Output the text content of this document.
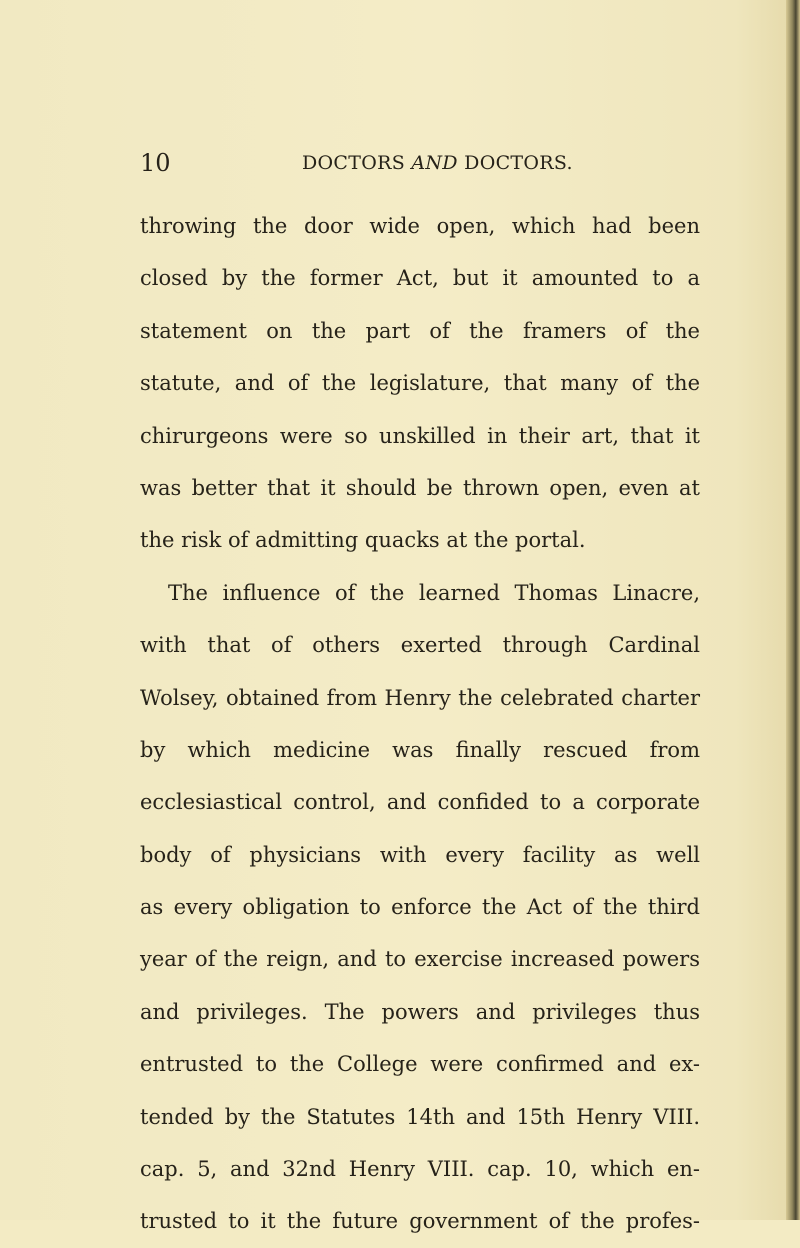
10	DOCTORS AND DOCTORS.
throwing the door wide open, which had been
closed by the former Act, but it amounted to a
statement on the part of the framers of the
statute, and of the legislature, that many of the
chirurgeons were so unskilled in their art, that it
was better that it should be thrown open, even at
the risk of admitting quacks at the portal.
The influence of the learned Thomas Linacre,
with that of others exerted through Cardinal
Wolsey, obtained from Henry the celebrated charter
by which medicine was finally rescued from
ecclesiastical control, and confided to a corporate
body of physicians with every facility as well
as every obligation to enforce the Act of the third
year of the reign, and to exercise increased powers
and privileges. The powers and privileges thus
entrusted to the College were confirmed and ex-
tended by the Statutes 14th and 15th Henry VIII.
cap. 5, and 32nd Henry VIII. cap. 10, which en-
trusted to it the future government of the profes-
